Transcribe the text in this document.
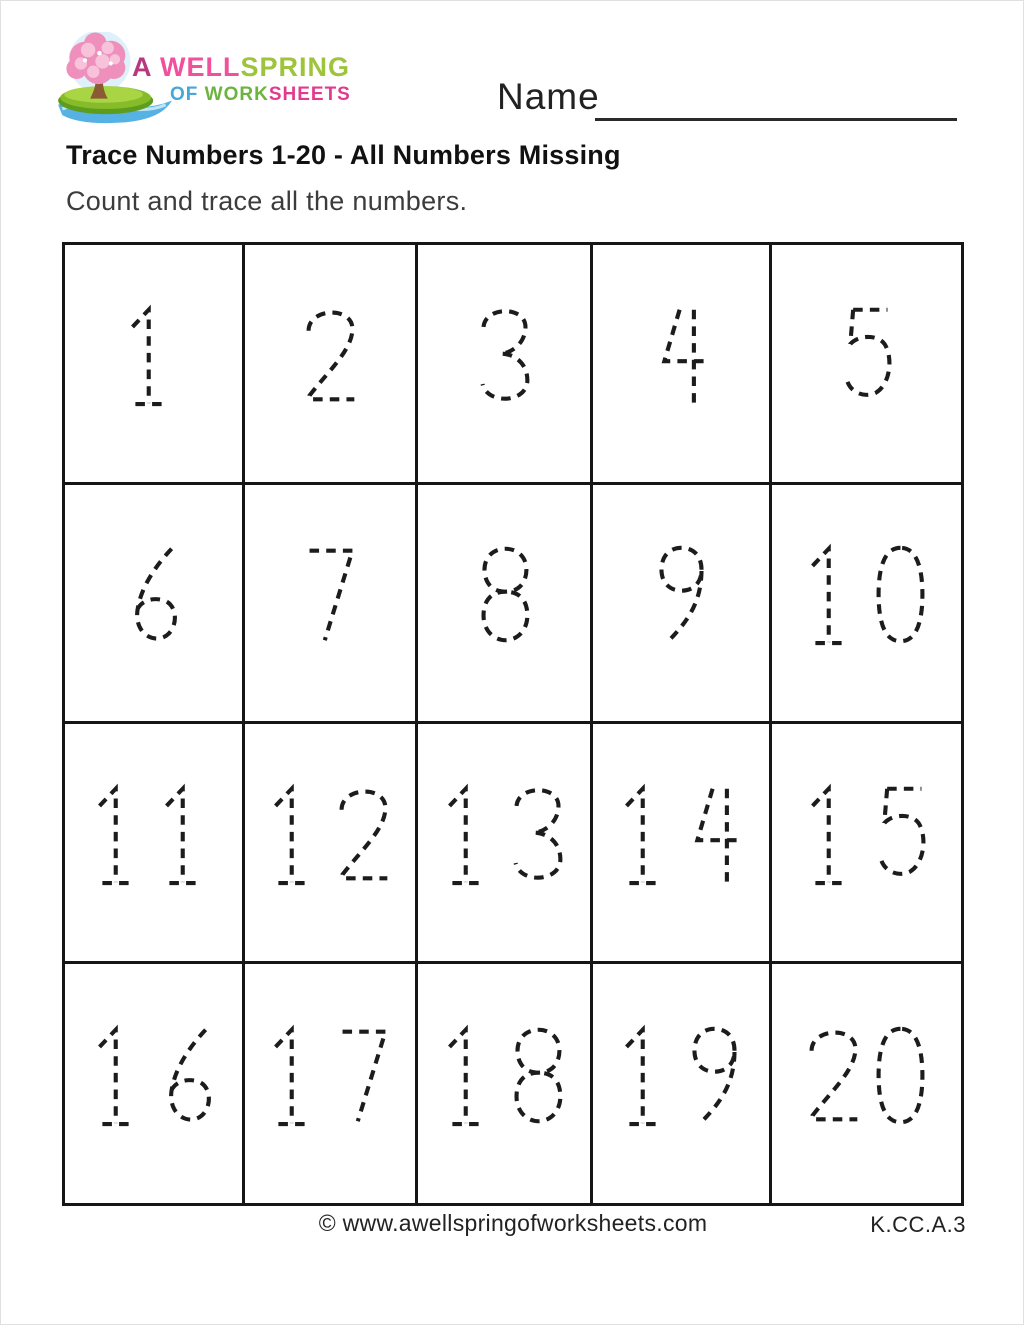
A WELLSPRING
OF WORKSHEETS	Name
Trace Numbers 1-20 - All Numbers Missing
Count and trace all the numbers.
© www.awellspringofworksheets.com	K.CC.A.3
